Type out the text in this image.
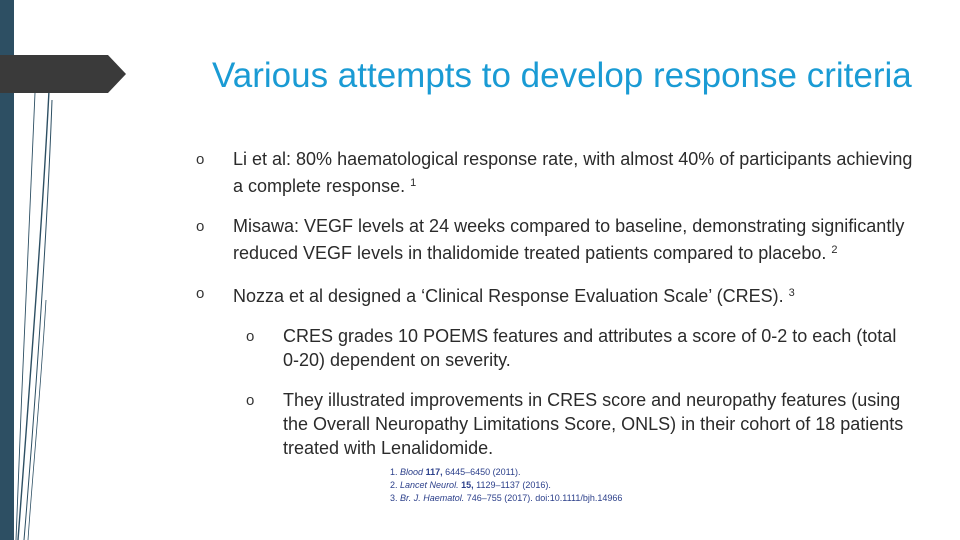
Various attempts to develop response criteria
o Li et al: 80% haematological response rate, with almost 40% of participants achieving a complete response. $^1$
o Misawa: VEGF levels at 24 weeks compared to baseline, demonstrating significantly reduced VEGF levels in thalidomide treated patients compared to placebo. $^2$
o Nozza et al designed a ‘Clinical Response Evaluation Scale’ (CRES). $^3$
o CRES grades 10 POEMS features and attributes a score of 0-2 to each (total 0-20) dependent on severity.
o They illustrated improvements in CRES score and neuropathy features (using the Overall Neuropathy Limitations Score, ONLS) in their cohort of 18 patients treated with Lenalidomide.

1. Blood 117, 6445–6450 (2011).

2. Lancet Neurol. 15, 1129–1137 (2016).

3. Br. J. Haematol. 746–755 (2017). doi:10.1111/bjh.14966
